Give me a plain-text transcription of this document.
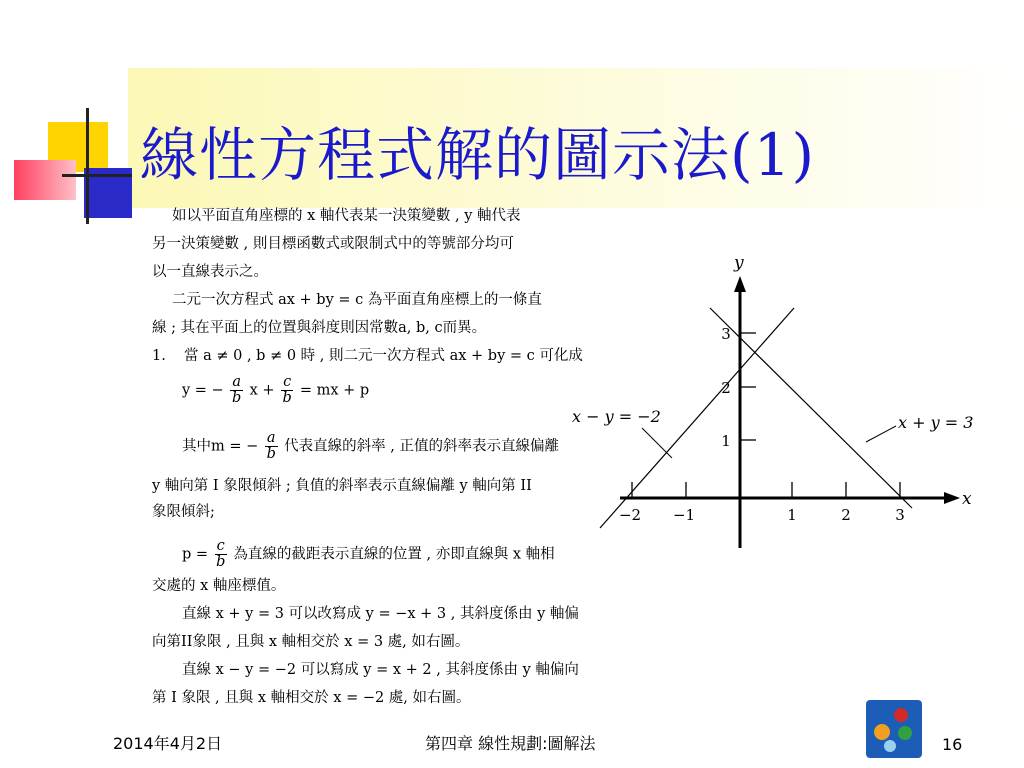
線性方程式解的圖示法(1)
如以平面直角座標的 x 軸代表某一決策變數 , y 軸代表
另一決策變數 , 則目標函數式或限制式中的等號部分均可
以一直線表示之。
二元一次方程式 ax + by = c 為平面直角座標上的一條直
線 ; 其在平面上的位置與斜度則因常數a, b, c而異。
1. 當 a ≠ 0 , b ≠ 0 時 , 則二元一次方程式 ax + by = c 可化成
y = − $\frac{a}{b}$ $x + \frac{c}{b}$ = mx + p
其中m = − $\frac{a}{b}$ 代表直線的斜率 , 正值的斜率表示直線偏離
y 軸向第 I 象限傾斜 ; 負值的斜率表示直線偏離 y 軸向第 II
象限傾斜;
$p = \frac{c}{b}$ 為直線的截距表示直線的位置 , 亦即直線與 x 軸相
交處的 x 軸座標值。
直線 x + y = 3 可以改寫成 y = −x + 3 , 其斜度係由 y 軸偏
向第II象限 , 且與 x 軸相交於 x = 3 處, 如右圖。
直線 x − y = −2 可以寫成 y = x + 2 , 其斜度係由 y 軸偏向
第 I 象限 , 且與 x 軸相交於 x = −2 處, 如右圖。
x
y
−2 −1	1	2	3
1
2
3
x − y = −2	x + y = 3
2014年4月2日	第四章 線性規劃:圖解法	16
